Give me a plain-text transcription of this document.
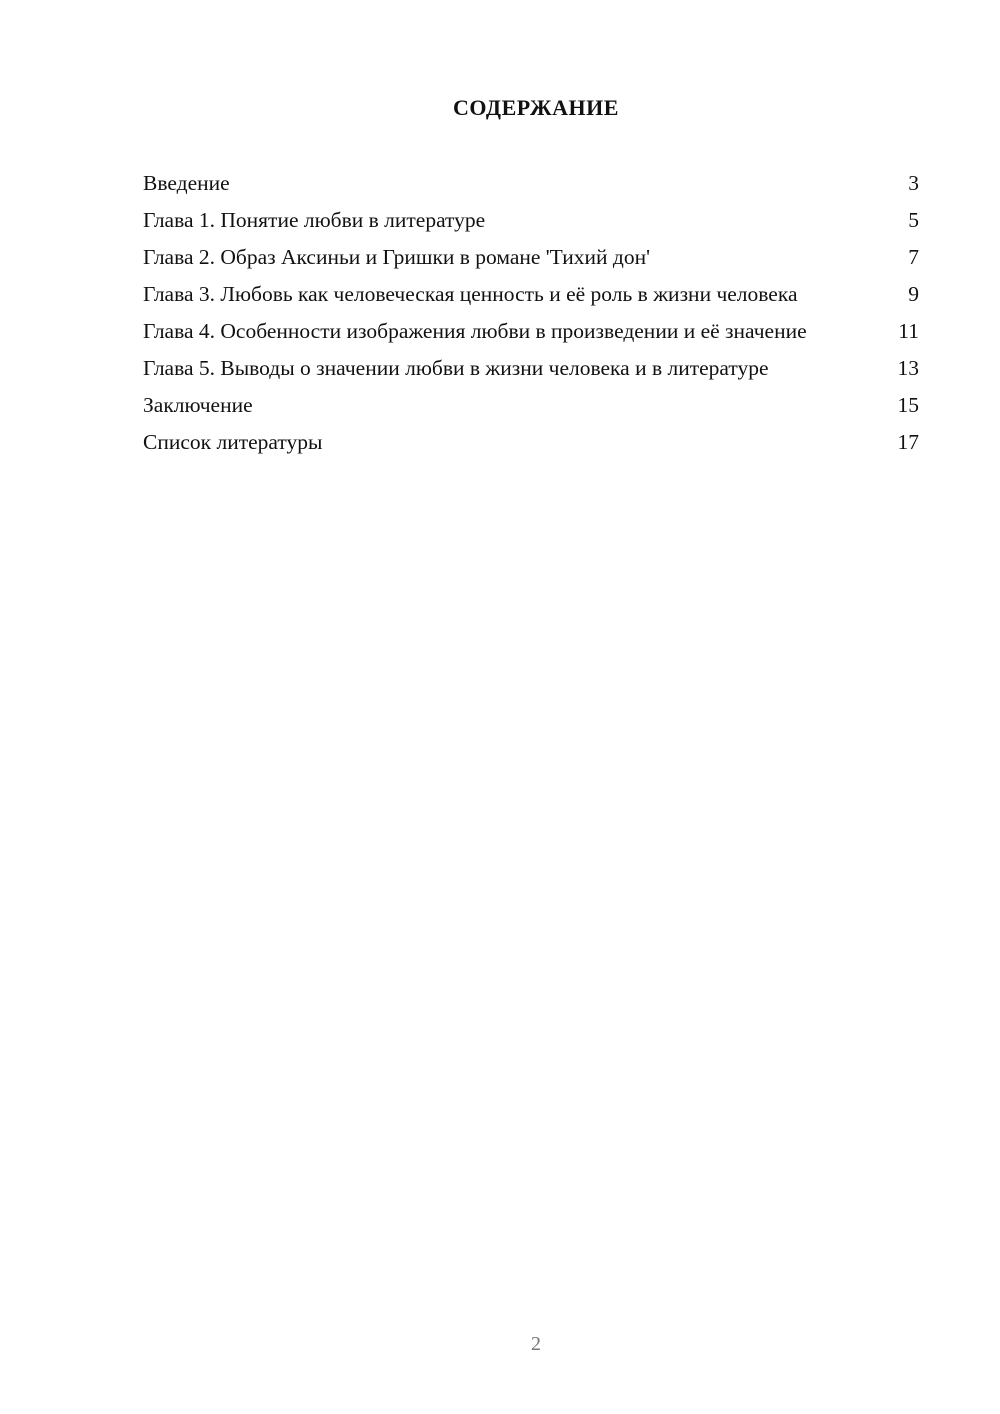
СОДЕРЖАНИЕ
Введение	3
Глава 1. Понятие любви в литературе	5
Глава 2. Образ Аксиньи и Гришки в романе 'Тихий дон'	7
Глава 3. Любовь как человеческая ценность и её роль в жизни человека	9
Глава 4. Особенности изображения любви в произведении и её значение	11
Глава 5. Выводы о значении любви в жизни человека и в литературе	13
Заключение	15
Список литературы	17
2
